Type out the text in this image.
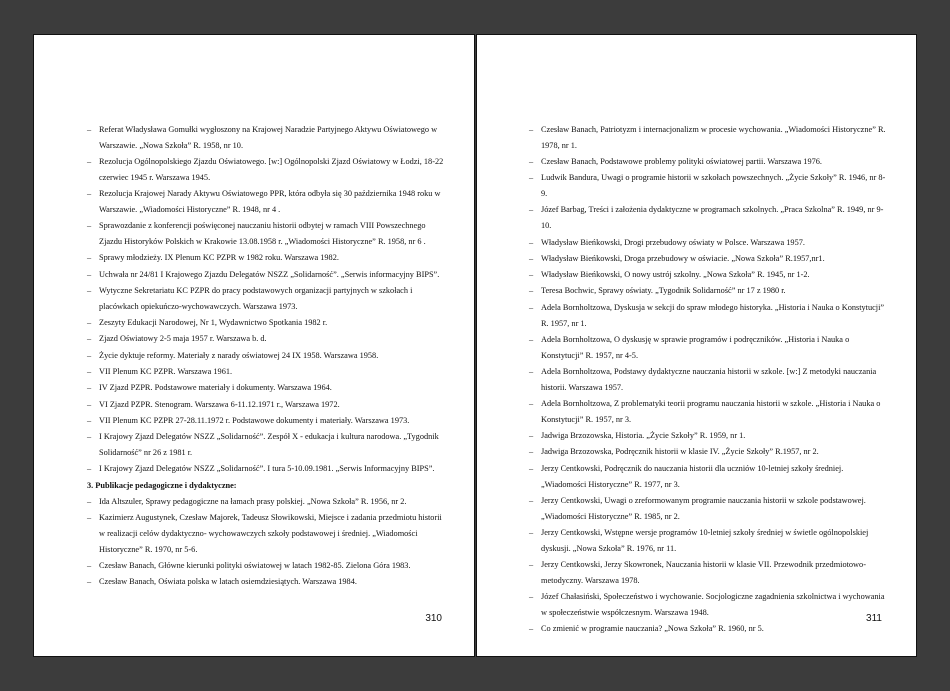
– Referat Władysława Gomułki wygłoszony na Krajowej Naradzie Partyjnego Aktywu Oświatowego w Warszawie. „Nowa Szkoła” R. 1958, nr 10.
– Rezolucja Ogólnopolskiego Zjazdu Oświatowego. [w:] Ogólnopolski Zjazd Oświatowy w Łodzi, 18-22 czerwiec 1945 r. Warszawa 1945.
– Rezolucja Krajowej Narady Aktywu Oświatowego PPR, która odbyła się 30 października 1948 roku w Warszawie. „Wiadomości Historyczne” R. 1948, nr 4 .
– Sprawozdanie z konferencji poświęconej nauczaniu historii odbytej w ramach VIII Powszechnego Zjazdu Historyków Polskich w Krakowie 13.08.1958 r. „Wiadomości Historyczne” R. 1958, nr 6 .
– Sprawy młodzieży. IX Plenum KC PZPR w 1982 roku. Warszawa 1982.
– Uchwała nr 24/81 I Krajowego Zjazdu Delegatów NSZZ „Solidarność”. „Serwis informacyjny BIPS”.
– Wytyczne Sekretariatu KC PZPR do pracy podstawowych organizacji partyjnych w szkołach i placówkach opiekuńczo-wychowawczych. Warszawa 1973.
– Zeszyty Edukacji Narodowej, Nr 1, Wydawnictwo Spotkania 1982 r.
– Zjazd Oświatowy 2-5 maja 1957 r. Warszawa b. d.
– Życie dyktuje reformy. Materiały z narady oświatowej 24 IX 1958. Warszawa 1958.
– VII Plenum KC PZPR. Warszawa 1961.
– IV Zjazd PZPR. Podstawowe materiały i dokumenty. Warszawa 1964.
– VI Zjazd PZPR. Stenogram. Warszawa 6-11.12.1971 r., Warszawa 1972.
– VII Plenum KC PZPR 27-28.11.1972 r. Podstawowe dokumenty i materiały. Warszawa 1973.
– I Krajowy Zjazd Delegatów NSZZ „Solidarność”. Zespół X - edukacja i kultura narodowa. „Tygodnik Solidarność” nr 26 z 1981 r.
– I Krajowy Zjazd Delegatów NSZZ „Solidarność”. I tura 5-10.09.1981. „Serwis Informacyjny BIPS”.
3. Publikacje pedagogiczne i dydaktyczne:
– Ida Altszuler, Sprawy pedagogiczne na łamach prasy polskiej. „Nowa Szkoła” R. 1956, nr 2.
– Kazimierz Augustynek, Czesław Majorek, Tadeusz Słowikowski, Miejsce i zadania przedmiotu historii w realizacji celów dydaktyczno- wychowawczych szkoły podstawowej i średniej. „Wiadomości Historyczne” R. 1970, nr 5-6.
– Czesław Banach, Główne kierunki polityki oświatowej w latach 1982-85. Zielona Góra 1983.
– Czesław Banach, Oświata polska w latach osiemdziesiątych. Warszawa 1984.
310
– Czesław Banach, Patriotyzm i internacjonalizm w procesie wychowania. „Wiadomości Historyczne” R. 1978, nr 1.
– Czesław Banach, Podstawowe problemy polityki oświatowej partii. Warszawa 1976.
– Ludwik Bandura, Uwagi o programie historii w szkołach powszechnych. „Życie Szkoły” R. 1946, nr 8-9.
– Józef Barbag, Treści i założenia dydaktyczne w programach szkolnych. „Praca Szkolna” R. 1949, nr 9-10.
– Władysław Bieńkowski, Drogi przebudowy oświaty w Polsce. Warszawa 1957.
– Władysław Bieńkowski, Droga przebudowy w oświacie. „Nowa Szkoła” R.1957,nr1.
– Władysław Bieńkowski, O nowy ustrój szkolny. „Nowa Szkoła” R. 1945, nr 1-2.
– Teresa Bochwic, Sprawy oświaty. „Tygodnik Solidarność” nr 17 z 1980 r.
– Adela Bornholtzowa, Dyskusja w sekcji do spraw młodego historyka. „Historia i Nauka o Konstytucji” R. 1957, nr 1.
– Adela Bornholtzowa, O dyskusję w sprawie programów i podręczników. „Historia i Nauka o Konstytucji” R. 1957, nr 4-5.
– Adela Bornholtzowa, Podstawy dydaktyczne nauczania historii w szkole. [w:] Z metodyki nauczania historii. Warszawa 1957.
– Adela Bornholtzowa, Z problematyki teorii programu nauczania historii w szkole. „Historia i Nauka o Konstytucji” R. 1957, nr 3.
– Jadwiga Brzozowska, Historia. „Życie Szkoły” R. 1959, nr 1.
– Jadwiga Brzozowska, Podręcznik historii w klasie IV. „Życie Szkoły” R.1957, nr 2.
– Jerzy Centkowski, Podręcznik do nauczania historii dla uczniów 10-letniej szkoły średniej. „Wiadomości Historyczne” R. 1977, nr 3.
– Jerzy Centkowski, Uwagi o zreformowanym programie nauczania historii w szkole podstawowej. „Wiadomości Historyczne” R. 1985, nr 2.
– Jerzy Centkowski, Wstępne wersje programów 10-letniej szkoły średniej w świetle ogólnopolskiej dyskusji. „Nowa Szkoła” R. 1976, nr 11.
– Jerzy Centkowski, Jerzy Skowronek, Nauczania historii w klasie VII. Przewodnik przedmiotowo-metodyczny. Warszawa 1978.
– Józef Chałasiński, Społeczeństwo i wychowanie. Socjologiczne zagadnienia szkolnictwa i wychowania w społeczeństwie współczesnym. Warszawa 1948.
– Co zmienić w programie nauczania? „Nowa Szkoła” R. 1960, nr 5.
311
